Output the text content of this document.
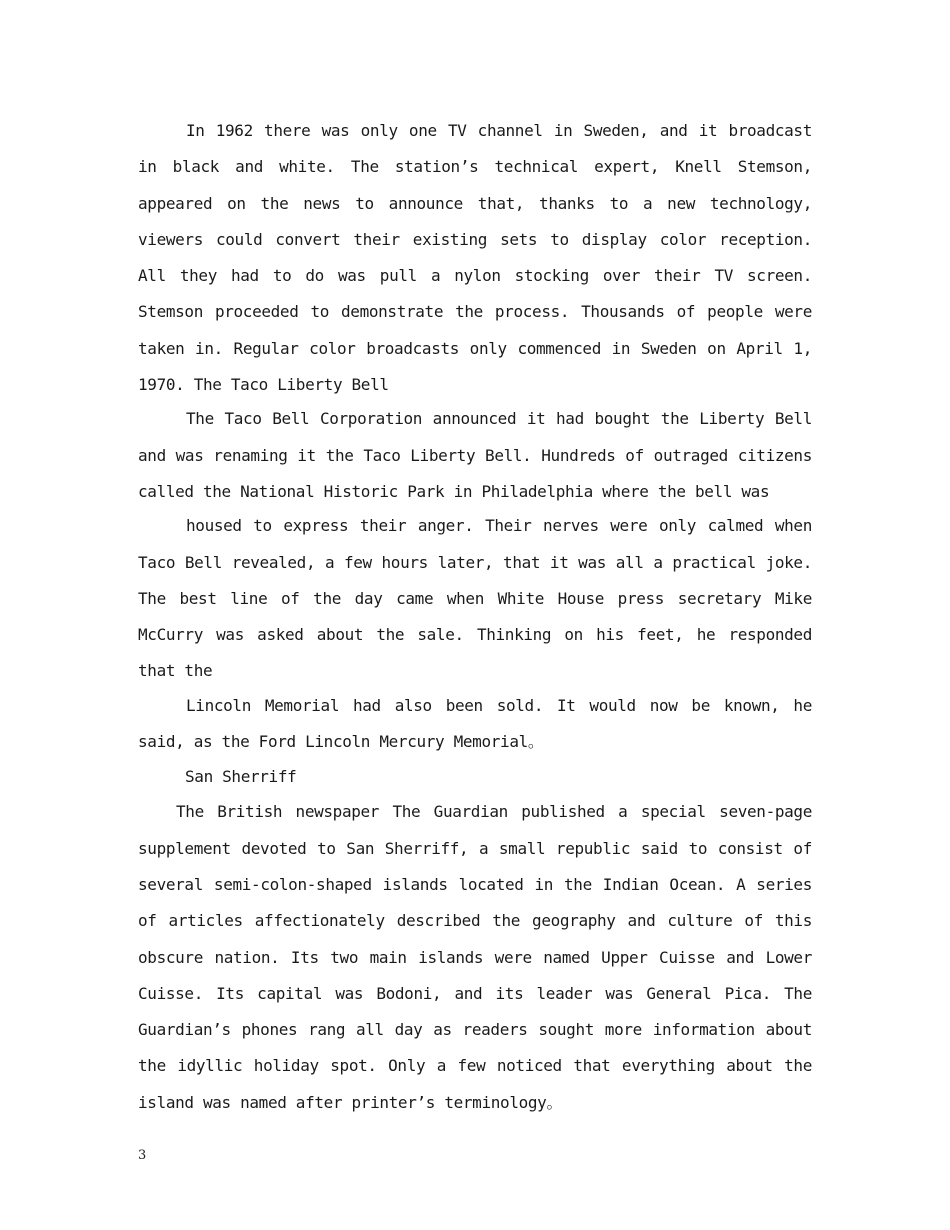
In 1962 there was only one TV channel in Sweden, and it broadcast in black and white. The station’s technical expert, Knell Stemson, appeared on the news to announce that, thanks to a new technology, viewers could convert their existing sets to display color reception. All they had to do was pull a nylon stocking over their TV screen. Stemson proceeded to demonstrate the process. Thousands of people were taken in. Regular color broadcasts only commenced in Sweden on April 1, 1970. The Taco Liberty Bell

The Taco Bell Corporation announced it had bought the Liberty Bell and was renaming it the Taco Liberty Bell. Hundreds of outraged citizens called the National Historic Park in Philadelphia where the bell was

housed to express their anger. Their nerves were only calmed when Taco Bell revealed, a few hours later, that it was all a practical joke. The best line of the day came when White House press secretary Mike McCurry was asked about the sale. Thinking on his feet, he responded that the

Lincoln Memorial had also been sold. It would now be known, he said, as the Ford Lincoln Mercury Memorial。

San Sherriff

The British newspaper The Guardian published a special seven-page supplement devoted to San Sherriff, a small republic said to consist of several semi-colon-shaped islands located in the Indian Ocean. A series of articles affectionately described the geography and culture of this obscure nation. Its two main islands were named Upper Cuisse and Lower Cuisse. Its capital was Bodoni, and its leader was General Pica. The Guardian’s phones rang all day as readers sought more information about the idyllic holiday spot. Only a few noticed that everything about the island was named after printer’s terminology。

3
